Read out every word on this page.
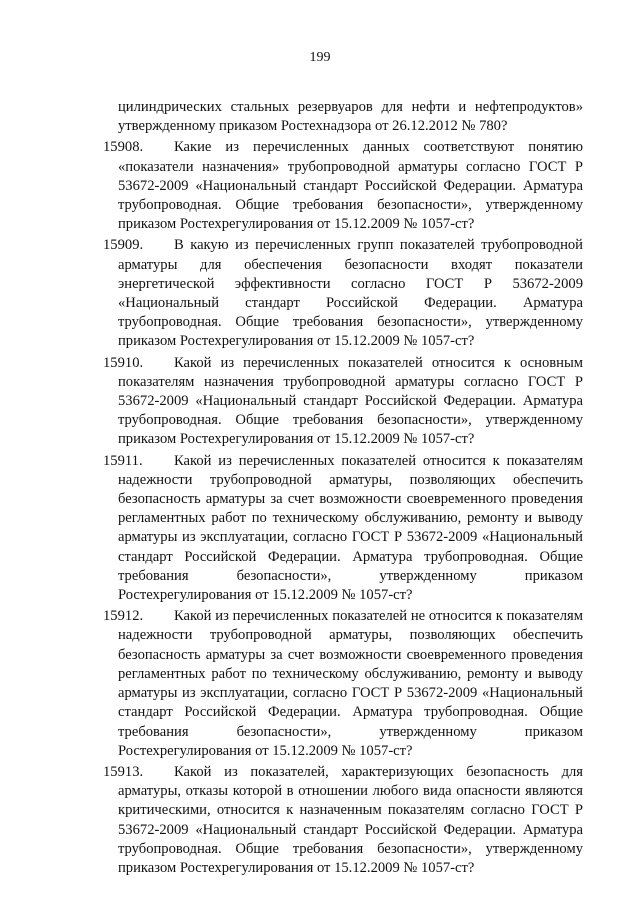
199
цилиндрических стальных резервуаров для нефти и нефтепродуктов» утвержденному приказом Ростехнадзора от 26.12.2012 № 780?
15908. Какие из перечисленных данных соответствуют понятию «показатели назначения» трубопроводной арматуры согласно ГОСТ Р 53672-2009 «Национальный стандарт Российской Федерации. Арматура трубопроводная. Общие требования безопасности», утвержденному приказом Ростехрегулирования от 15.12.2009 № 1057-ст?
15909. В какую из перечисленных групп показателей трубопроводной арматуры для обеспечения безопасности входят показатели энергетической эффективности согласно ГОСТ Р 53672-2009 «Национальный стандарт Российской Федерации. Арматура трубопроводная. Общие требования безопасности», утвержденному приказом Ростехрегулирования от 15.12.2009 № 1057-ст?
15910. Какой из перечисленных показателей относится к основным показателям назначения трубопроводной арматуры согласно ГОСТ Р 53672-2009 «Национальный стандарт Российской Федерации. Арматура трубопроводная. Общие требования безопасности», утвержденному приказом Ростехрегулирования от 15.12.2009 № 1057-ст?
15911. Какой из перечисленных показателей относится к показателям надежности трубопроводной арматуры, позволяющих обеспечить безопасность арматуры за счет возможности своевременного проведения регламентных работ по техническому обслуживанию, ремонту и выводу арматуры из эксплуатации, согласно ГОСТ Р 53672-2009 «Национальный стандарт Российской Федерации. Арматура трубопроводная. Общие требования безопасности», утвержденному приказом Ростехрегулирования от 15.12.2009 № 1057-ст?
15912. Какой из перечисленных показателей не относится к показателям надежности трубопроводной арматуры, позволяющих обеспечить безопасность арматуры за счет возможности своевременного проведения регламентных работ по техническому обслуживанию, ремонту и выводу арматуры из эксплуатации, согласно ГОСТ Р 53672-2009 «Национальный стандарт Российской Федерации. Арматура трубопроводная. Общие требования безопасности», утвержденному приказом Ростехрегулирования от 15.12.2009 № 1057-ст?
15913. Какой из показателей, характеризующих безопасность для арматуры, отказы которой в отношении любого вида опасности являются критическими, относится к назначенным показателям согласно ГОСТ Р 53672-2009 «Национальный стандарт Российской Федерации. Арматура трубопроводная. Общие требования безопасности», утвержденному приказом Ростехрегулирования от 15.12.2009 № 1057-ст?
